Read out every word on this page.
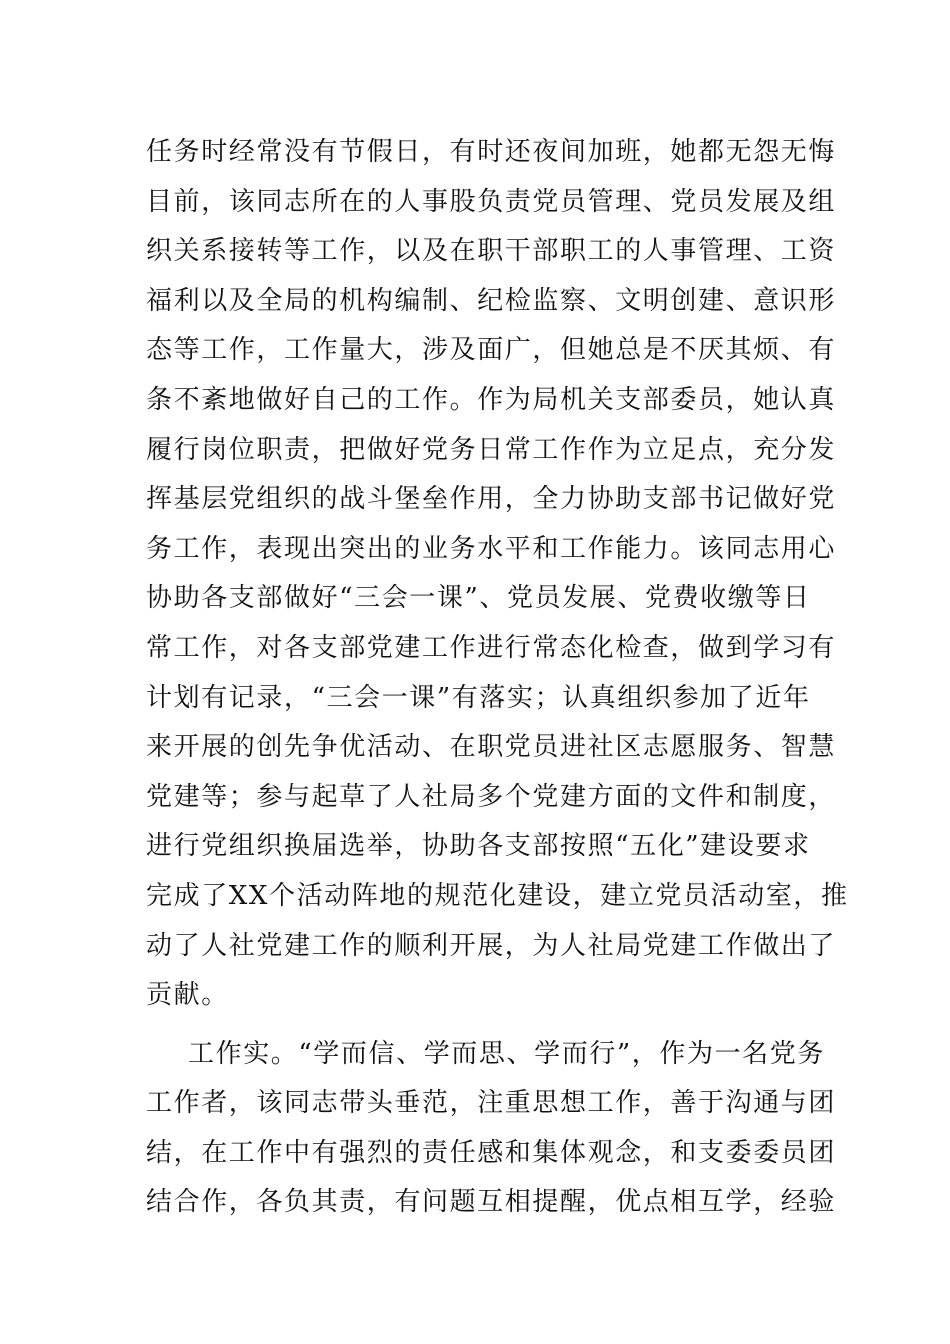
任务时经常没有节假日，有时还夜间加班，她都无怨无悔
目前，该同志所在的人事股负责党员管理、党员发展及组
织关系接转等工作，以及在职干部职工的人事管理、工资
福利以及全局的机构编制、纪检监察、文明创建、意识形
态等工作，工作量大，涉及面广，但她总是不厌其烦、有
条不紊地做好自己的工作。作为局机关支部委员，她认真
履行岗位职责，把做好党务日常工作作为立足点，充分发
挥基层党组织的战斗堡垒作用，全力协助支部书记做好党
务工作，表现出突出的业务水平和工作能力。该同志用心
协助各支部做好“三会一课”、党员发展、党费收缴等日
常工作，对各支部党建工作进行常态化检查，做到学习有
计划有记录，“三会一课”有落实；认真组织参加了近年
来开展的创先争优活动、在职党员进社区志愿服务、智慧
党建等；参与起草了人社局多个党建方面的文件和制度，
进行党组织换届选举，协助各支部按照“五化”建设要求
完成了XX个活动阵地的规范化建设，建立党员活动室，推
动了人社党建工作的顺利开展，为人社局党建工作做出了
贡献。
工作实。“学而信、学而思、学而行”，作为一名党务
工作者，该同志带头垂范，注重思想工作，善于沟通与团
结，在工作中有强烈的责任感和集体观念，和支委委员团
结合作，各负其责，有问题互相提醒，优点相互学，经验
